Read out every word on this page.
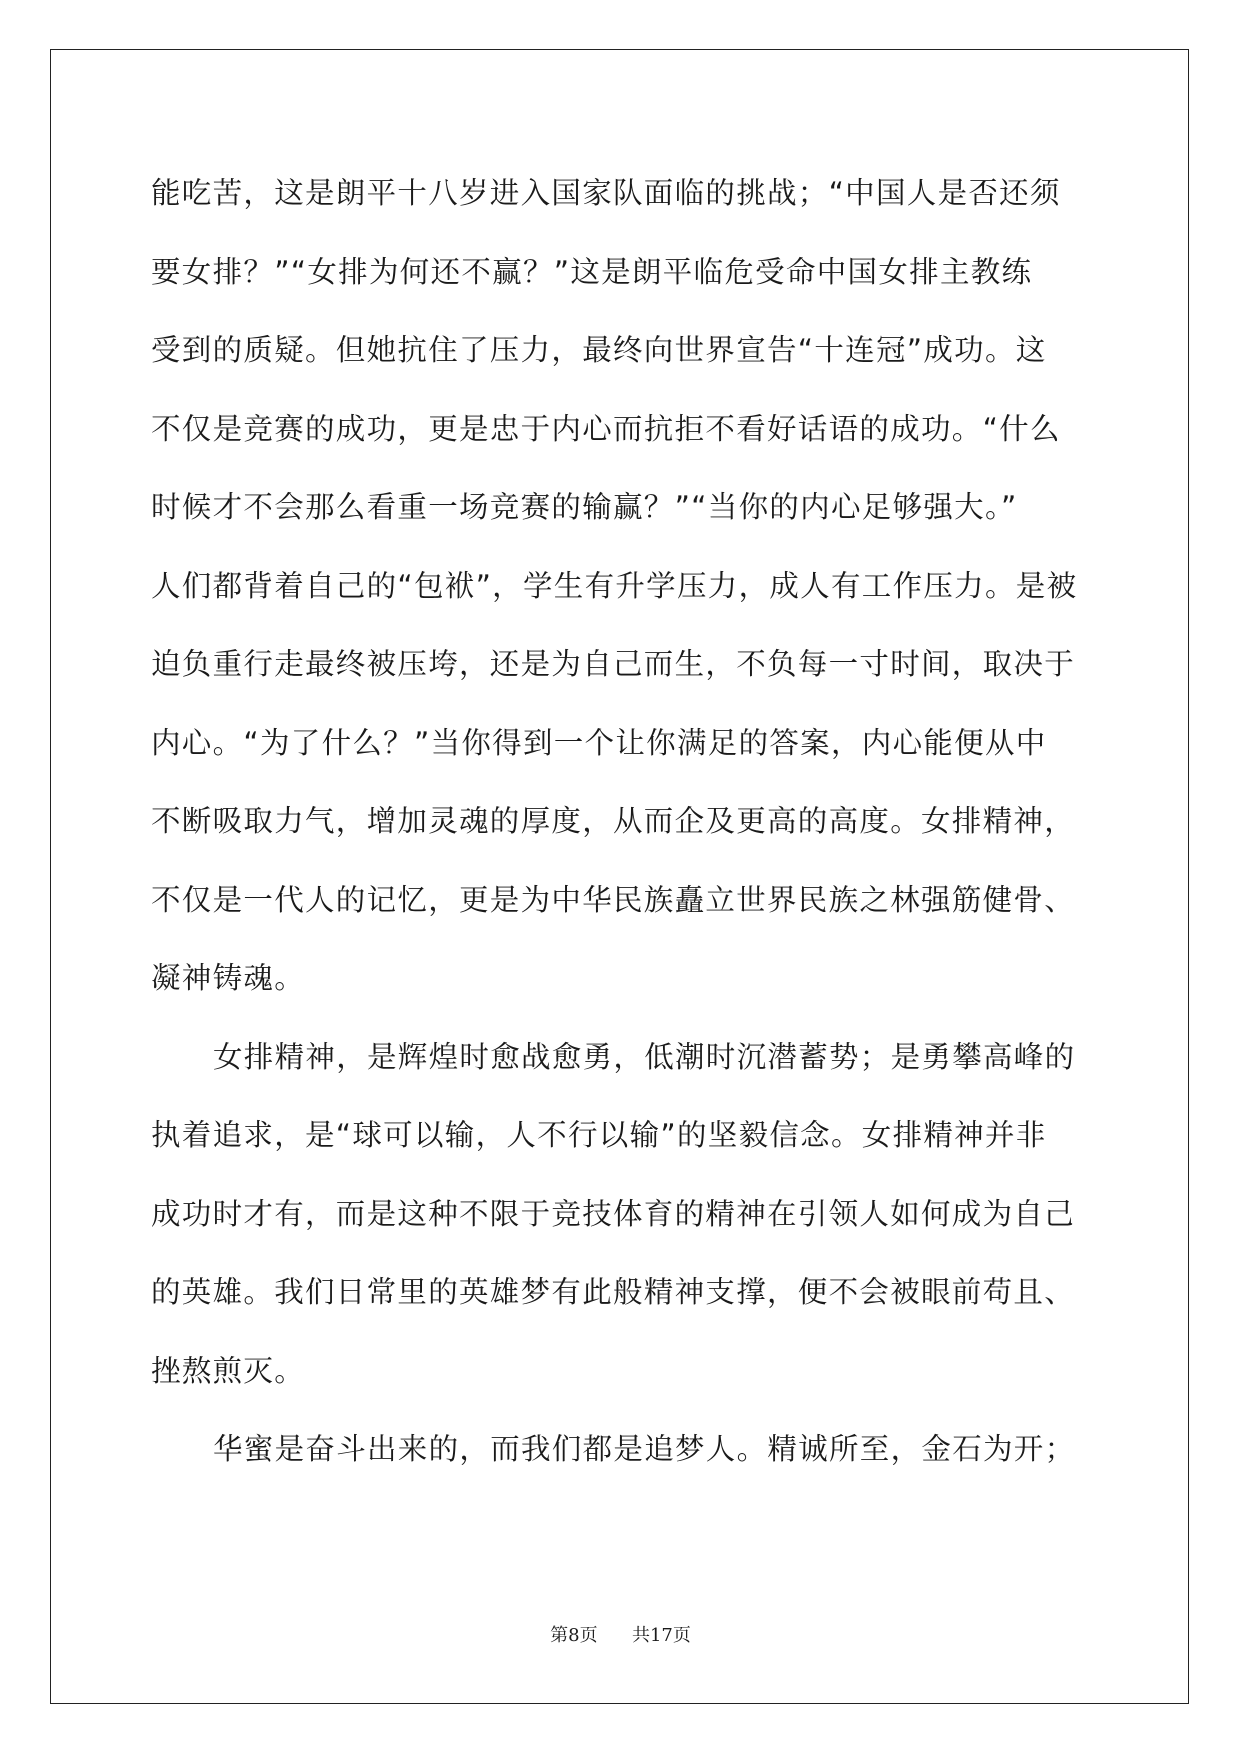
能吃苦，这是朗平十八岁进入国家队面临的挑战；“中国人是否还须
要女排？”“女排为何还不赢？”这是朗平临危受命中国女排主教练
受到的质疑。但她抗住了压力，最终向世界宣告“十连冠”成功。这
不仅是竞赛的成功，更是忠于内心而抗拒不看好话语的成功。“什么
时候才不会那么看重一场竞赛的输赢？”“当你的内心足够强大。”
人们都背着自己的“包袱”，学生有升学压力，成人有工作压力。是被
迫负重行走最终被压垮，还是为自己而生，不负每一寸时间，取决于
内心。“为了什么？”当你得到一个让你满足的答案，内心能便从中
不断吸取力气，增加灵魂的厚度，从而企及更高的高度。女排精神，
不仅是一代人的记忆，更是为中华民族矗立世界民族之林强筋健骨、
凝神铸魂。
女排精神，是辉煌时愈战愈勇，低潮时沉潜蓄势；是勇攀高峰的
执着追求，是“球可以输，人不行以输”的坚毅信念。女排精神并非
成功时才有，而是这种不限于竞技体育的精神在引领人如何成为自己
的英雄。我们日常里的英雄梦有此般精神支撑，便不会被眼前苟且、
挫熬煎灭。
华蜜是奋斗出来的，而我们都是追梦人。精诚所至，金石为开；
第8页 共17页
